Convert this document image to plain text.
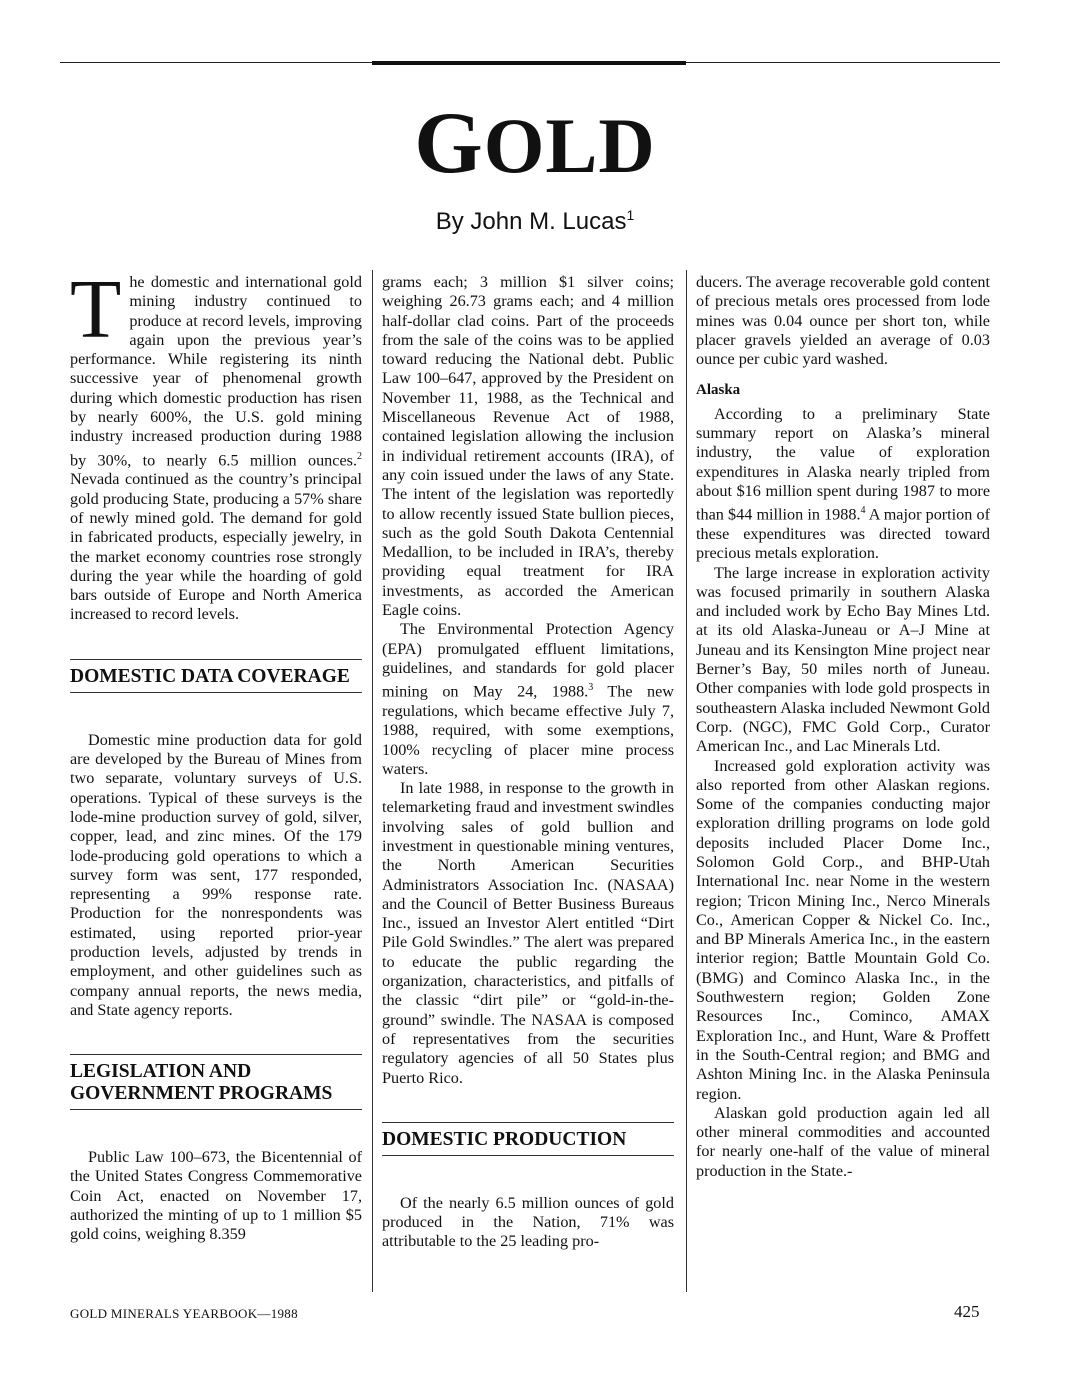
GOLD
By John M. Lucas$^1$

The domestic and international gold mining industry continued to produce at record levels, improving again upon the previous year’s performance. While registering its ninth successive year of phenomenal growth during which domestic production has risen by nearly 600%, the U.S. gold mining industry increased production during 1988 by 30%, to nearly 6.5 million ounces.$^2$ Nevada continued as the country’s principal gold producing State, producing a 57% share of newly mined gold. The demand for gold in fabricated products, especially jewelry, in the market economy countries rose strongly during the year while the hoarding of gold bars outside of Europe and North America increased to record levels.

DOMESTIC DATA COVERAGE

Domestic mine production data for gold are developed by the Bureau of Mines from two separate, voluntary surveys of U.S. operations. Typical of these surveys is the lode-mine production survey of gold, silver, copper, lead, and zinc mines. Of the 179 lode-producing gold operations to which a survey form was sent, 177 responded, representing a 99% response rate. Production for the nonrespondents was estimated, using reported prior-year production levels, adjusted by trends in employment, and other guidelines such as company annual reports, the news media, and State agency reports.

LEGISLATION AND GOVERNMENT PROGRAMS

Public Law 100–673, the Bicentennial of the United States Congress Commemorative Coin Act, enacted on November 17, authorized the minting of up to 1 million $5 gold coins, weighing 8.359

grams each; 3 million $1 silver coins; weighing 26.73 grams each; and 4 million half-dollar clad coins. Part of the proceeds from the sale of the coins was to be applied toward reducing the National debt. Public Law 100–647, approved by the President on November 11, 1988, as the Technical and Miscellaneous Revenue Act of 1988, contained legislation allowing the inclusion in individual retirement accounts (IRA), of any coin issued under the laws of any State. The intent of the legislation was reportedly to allow recently issued State bullion pieces, such as the gold South Dakota Centennial Medallion, to be included in IRA’s, thereby providing equal treatment for IRA investments, as accorded the American Eagle coins.

The Environmental Protection Agency (EPA) promulgated effluent limitations, guidelines, and standards for gold placer mining on May 24, 1988.$^3$ The new regulations, which became effective July 7, 1988, required, with some exemptions, 100% recycling of placer mine process waters.

In late 1988, in response to the growth in telemarketing fraud and investment swindles involving sales of gold bullion and investment in questionable mining ventures, the North American Securities Administrators Association Inc. (NASAA) and the Council of Better Business Bureaus Inc., issued an Investor Alert entitled “Dirt Pile Gold Swindles.” The alert was prepared to educate the public regarding the organization, characteristics, and pitfalls of the classic “dirt pile” or “gold-in-the-ground” swindle. The NASAA is composed of representatives from the securities regulatory agencies of all 50 States plus Puerto Rico.

DOMESTIC PRODUCTION

Of the nearly 6.5 million ounces of gold produced in the Nation, 71% was attributable to the 25 leading pro-

ducers. The average recoverable gold content of precious metals ores processed from lode mines was 0.04 ounce per short ton, while placer gravels yielded an average of 0.03 ounce per cubic yard washed.

Alaska

According to a preliminary State summary report on Alaska’s mineral industry, the value of exploration expenditures in Alaska nearly tripled from about $16 million spent during 1987 to more than $44 million in 1988.$^4$ A major portion of these expenditures was directed toward precious metals exploration.

The large increase in exploration activity was focused primarily in southern Alaska and included work by Echo Bay Mines Ltd. at its old Alaska-Juneau or A–J Mine at Juneau and its Kensington Mine project near Berner’s Bay, 50 miles north of Juneau. Other companies with lode gold prospects in southeastern Alaska included Newmont Gold Corp. (NGC), FMC Gold Corp., Curator American Inc., and Lac Minerals Ltd.

Increased gold exploration activity was also reported from other Alaskan regions. Some of the companies conducting major exploration drilling programs on lode gold deposits included Placer Dome Inc., Solomon Gold Corp., and BHP-Utah International Inc. near Nome in the western region; Tricon Mining Inc., Nerco Minerals Co., American Copper & Nickel Co. Inc., and BP Minerals America Inc., in the eastern interior region; Battle Mountain Gold Co. (BMG) and Cominco Alaska Inc., in the Southwestern region; Golden Zone Resources Inc., Cominco, AMAX Exploration Inc., and Hunt, Ware & Proffett in the South-Central region; and BMG and Ashton Mining Inc. in the Alaska Peninsula region.

Alaskan gold production again led all other mineral commodities and accounted for nearly one-half of the value of mineral production in the State.-

GOLD MINERALS YEARBOOK—1988	425
